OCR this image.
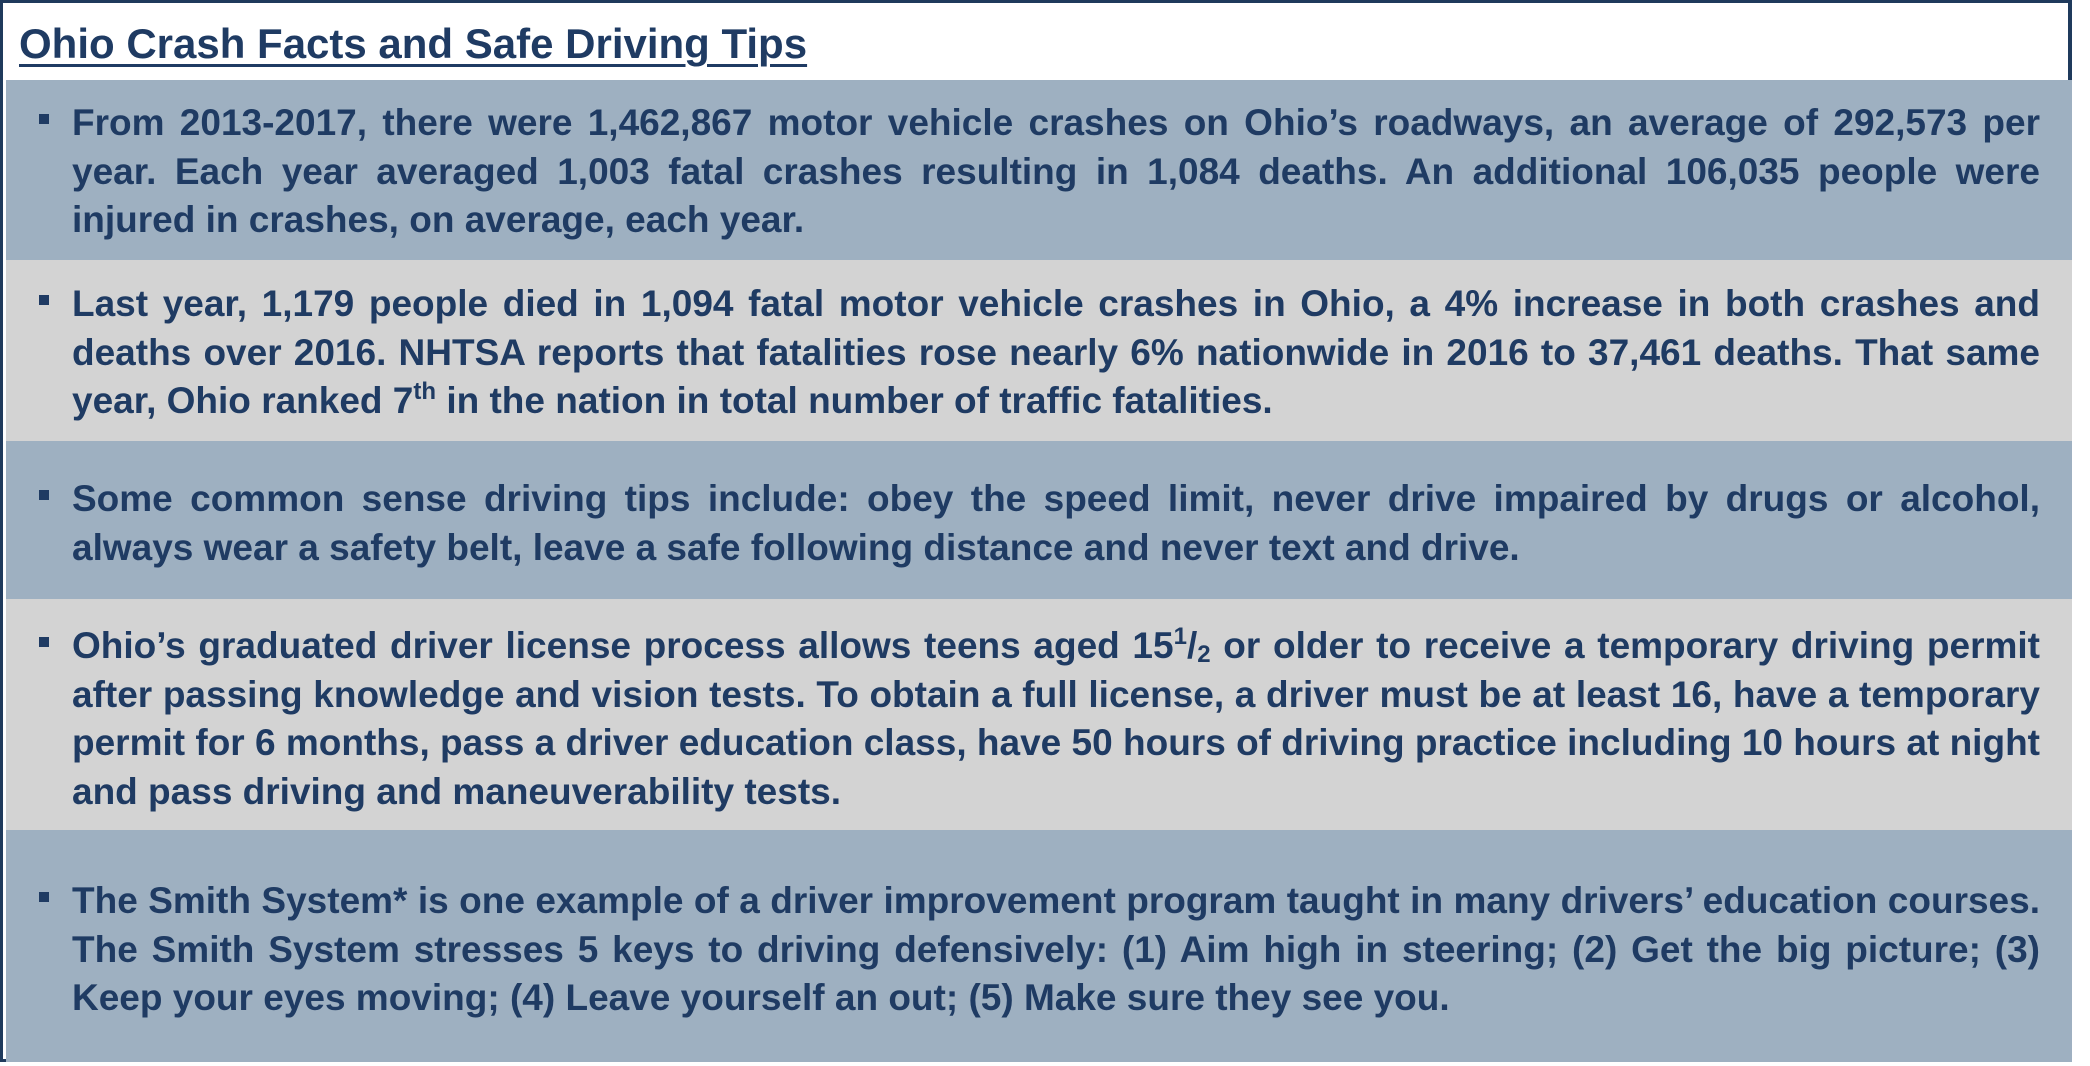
Ohio Crash Facts and Safe Driving Tips

From 2013-2017, there were 1,462,867 motor vehicle crashes on Ohio’s roadways, an average of 292,573 per year. Each year averaged 1,003 fatal crashes resulting in 1,084 deaths. An additional 106,035 people were injured in crashes, on average, each year.

Last year, 1,179 people died in 1,094 fatal motor vehicle crashes in Ohio, a 4% increase in both crashes and deaths over 2016. NHTSA reports that fatalities rose nearly 6% nationwide in 2016 to 37,461 deaths. That same year, Ohio ranked 7th in the nation in total number of traffic fatalities.

Some common sense driving tips include: obey the speed limit, never drive impaired by drugs or alcohol, always wear a safety belt, leave a safe following distance and never text and drive.

Ohio’s graduated driver license process allows teens aged $15^1/_2$ or older to receive a temporary driving permit after passing knowledge and vision tests. To obtain a full license, a driver must be at least 16, have a temporary permit for 6 months, pass a driver education class, have 50 hours of driving practice including 10 hours at night and pass driving and maneuverability tests.

The Smith System* is one example of a driver improvement program taught in many drivers’ education courses. The Smith System stresses 5 keys to driving defensively: (1) Aim high in steering; (2) Get the big picture; (3) Keep your eyes moving; (4) Leave yourself an out; (5) Make sure they see you.
